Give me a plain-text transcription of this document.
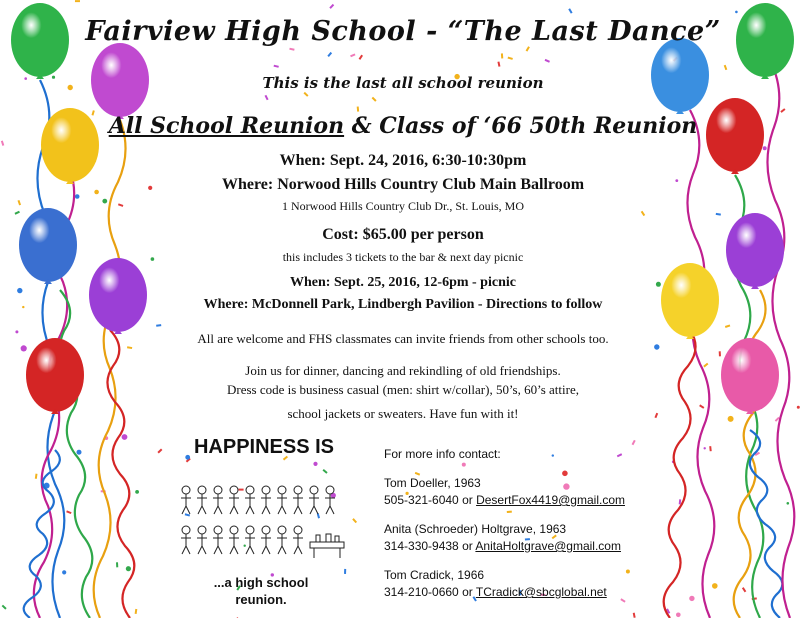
Fairview High School - “The Last Dance”
This is the last all school reunion
All School Reunion & Class of ‘66 50th Reunion
When: Sept. 24, 2016, 6:30-10:30pm
Where: Norwood Hills Country Club Main Ballroom
1 Norwood Hills Country Club Dr., St. Louis, MO
Cost: $65.00 per person
this includes 3 tickets to the bar & next day picnic
When: Sept. 25, 2016, 12-6pm - picnic
Where: McDonnell Park, Lindbergh Pavilion - Directions to follow
All are welcome and FHS classmates can invite friends from other schools too.
Join us for dinner, dancing and rekindling of old friendships.
Dress code is business casual (men: shirt w/collar), 50’s, 60’s attire,
school jackets or sweaters. Have fun with it!
HAPPINESS IS
...a high school
reunion.
For more info contact:
Tom Doeller, 1963
505-321-6040 or DesertFox4419@gmail.com
Anita (Schroeder) Holtgrave, 1963
314-330-9438 or AnitaHoltgrave@gmail.com
Tom Cradick, 1966
314-210-0660 or TCradick@sbcglobal.net
